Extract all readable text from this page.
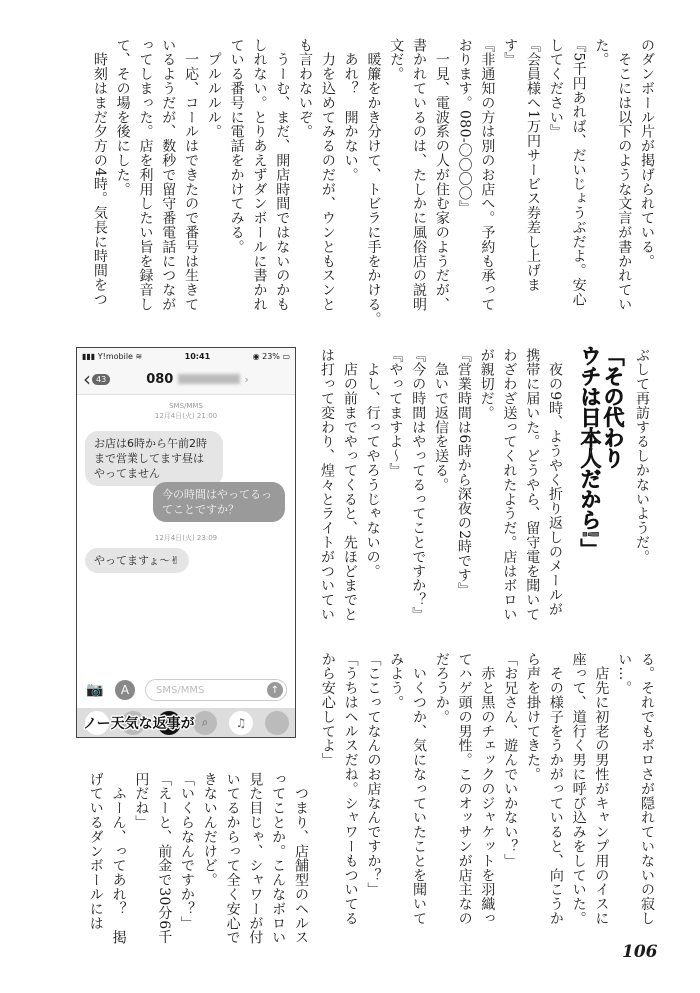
のダンボール片が掲げられている。
　そこには以下のような文言が書かれてい
た。
『5千円あれば、だいじょうぶだよ。安心
してください』
『会員様へ1万円サービス券差し上げま
す』
『非通知の方は別のお店へ。予約も承って
おります。080-〇〇〇〇』
　一見、電波系の人が住む家のようだが、
書かれているのは、たしかに風俗店の説明
文だ。
　暖簾をかき分けて、トビラに手をかける。
　あれ？　開かない。
　力を込めてみるのだが、ウンともスンと
も言わないぞ。
　うーむ、まだ、開店時間ではないのかも
しれない。とりあえずダンボールに書かれ
ている番号に電話をかけてみる。
　プルルルル。
　一応、コールはできたので番号は生きて
いるようだが、数秒で留守番電話につなが
ってしまった。店を利用したい旨を録音し
て、その場を後にした。
　時刻はまだ夕方の4時。気長に時間をつ
ぶして再訪するしかないようだ。
「その代わり
ウチは日本人だから!」
　夜の9時、ようやく折り返しのメールが
携帯に届いた。どうやら、留守電を聞いて
わざわざ送ってくれたようだ。店はボロい
が親切だ。
『営業時間は6時から深夜の2時です』
　急いで返信を送る。
『今の時間はやってるってことですか？』
『やってますよ〜』
　よし、行ってやろうじゃないの。
　店の前までやってくると、先ほどまでと
は打って変わり、煌々とライトがついてい
る。それでもボロさが隠れていないの寂し
い…。
　店先に初老の男性がキャンプ用のイスに
座って、道行く男に呼び込みをしていた。
　その様子をうかがっていると、向こうか
ら声を掛けてきた。
「お兄さん、遊んでいかない？」
　赤と黒のチェックのジャケットを羽織っ
てハゲ頭の男性。このオッサンが店主なの
だろうか。
　いくつか、気になっていたことを聞いて
みよう。
「ここってなんのお店なんですか？」
「うちはヘルスだね。シャワーもついてる
から安心してよ」
　つまり、店舗型のヘルス
ってことか。こんなボロい
見た目じゃ、シャワーが付
いてるからって全く安心で
きないんだけど。
「いくらなんですか？」
「えーと、前金で30分6千
円だね」
　ふーん、ってあれ？　掲
げているダンボールには
▮▮▮ Y!mobile ≋	10:41	◉ 23% ▭
‹ 43	080	›
SMS/MMS
12月4日(火) 21:00
お店は6時から午前2時まで営業してます昼はやってません
今の時間はやってるってことですか？
12月4日(火) 23:09
やってますょ〜✌
📷	A	SMS/MMS	↑
⌕	♫
ノー天気な返事が
106
